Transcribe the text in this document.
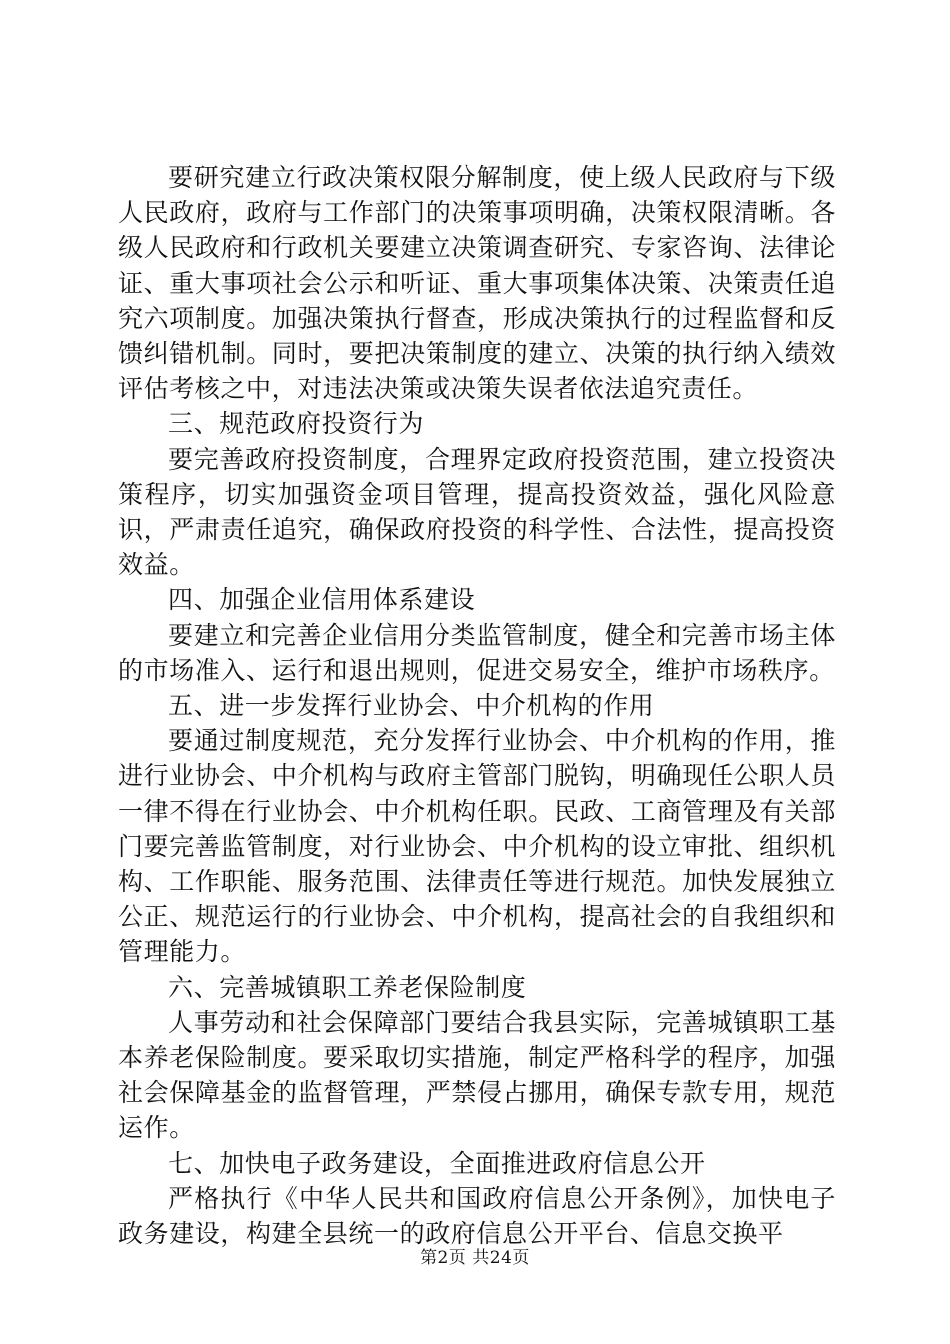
要研究建立行政决策权限分解制度，使上级人民政府与下级人民政府，政府与工作部门的决策事项明确，决策权限清晰。各级人民政府和行政机关要建立决策调查研究、专家咨询、法律论证、重大事项社会公示和听证、重大事项集体决策、决策责任追究六项制度。加强决策执行督查，形成决策执行的过程监督和反馈纠错机制。同时，要把决策制度的建立、决策的执行纳入绩效评估考核之中，对违法决策或决策失误者依法追究责任。

三、规范政府投资行为

要完善政府投资制度，合理界定政府投资范围，建立投资决策程序，切实加强资金项目管理，提高投资效益，强化风险意识，严肃责任追究，确保政府投资的科学性、合法性，提高投资效益。

四、加强企业信用体系建设

要建立和完善企业信用分类监管制度，健全和完善市场主体的市场准入、运行和退出规则，促进交易安全，维护市场秩序。

五、进一步发挥行业协会、中介机构的作用

要通过制度规范，充分发挥行业协会、中介机构的作用，推进行业协会、中介机构与政府主管部门脱钩，明确现任公职人员一律不得在行业协会、中介机构任职。民政、工商管理及有关部门要完善监管制度，对行业协会、中介机构的设立审批、组织机构、工作职能、服务范围、法律责任等进行规范。加快发展独立公正、规范运行的行业协会、中介机构，提高社会的自我组织和管理能力。

六、完善城镇职工养老保险制度

人事劳动和社会保障部门要结合我县实际，完善城镇职工基本养老保险制度。要采取切实措施，制定严格科学的程序，加强社会保障基金的监督管理，严禁侵占挪用，确保专款专用，规范运作。

七、加快电子政务建设，全面推进政府信息公开

严格执行《中华人民共和国政府信息公开条例》，加快电子政务建设，构建全县统一的政府信息公开平台、信息交换平

第2页 共24页
